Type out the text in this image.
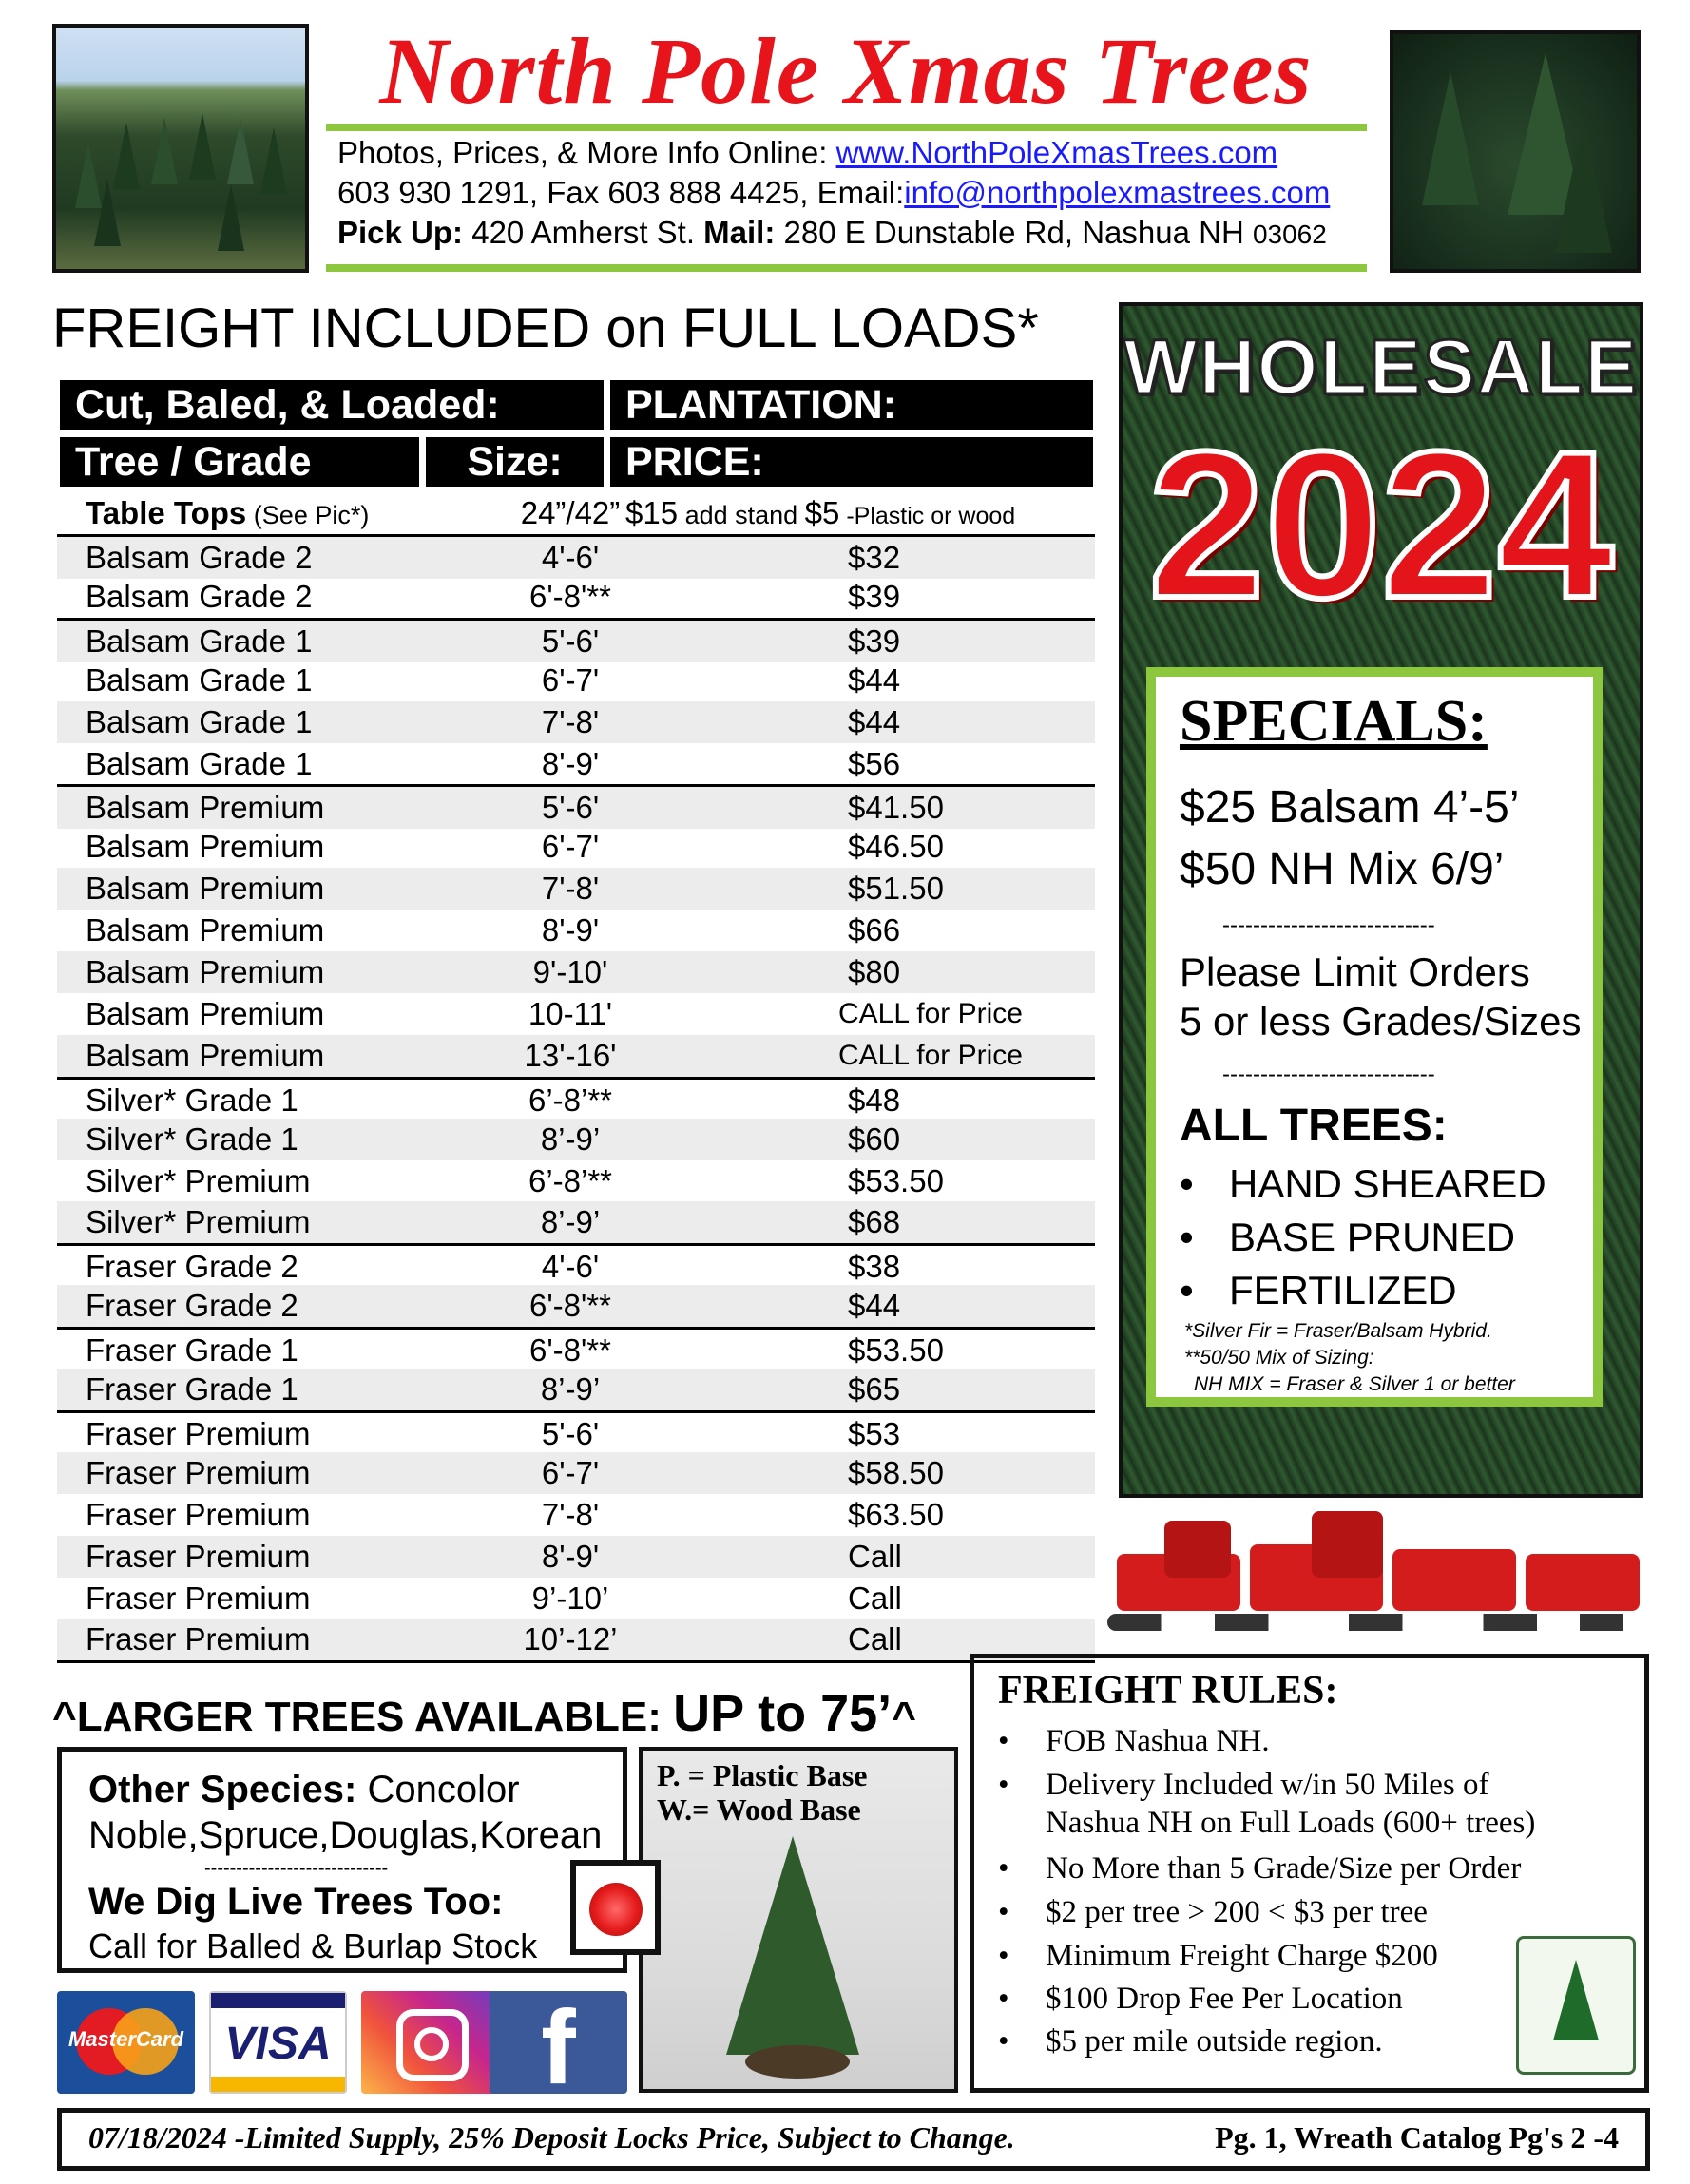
North Pole Xmas Trees
Photos, Prices, & More Info Online: www.NorthPoleXmasTrees.com
603 930 1291, Fax 603 888 4425, Email:info@northpolexmastrees.com
Pick Up: 420 Amherst St. Mail: 280 E Dunstable Rd, Nashua NH 03062
FREIGHT INCLUDED on FULL LOADS*
Cut, Baled, & Loaded:	PLANTATION:
Tree / Grade	Size:	PRICE:
Table Tops (See Pic*)	24”/42” $15 add stand $5 -Plastic or wood
Balsam Grade 2	4'-6'	$32
Balsam Grade 2	6'-8'**	$39
Balsam Grade 1	5'-6'	$39
Balsam Grade 1	6'-7'	$44
Balsam Grade 1	7'-8'	$44
Balsam Grade 1	8'-9'	$56
Balsam Premium	5'-6'	$41.50
Balsam Premium	6'-7'	$46.50
Balsam Premium	7'-8'	$51.50
Balsam Premium	8'-9'	$66
Balsam Premium	9'-10'	$80
Balsam Premium	10-11'	CALL for Price
Balsam Premium	13'-16'	CALL for Price
Silver* Grade 1	6’-8’**	$48
Silver* Grade 1	8’-9’	$60
Silver* Premium	6’-8’**	$53.50
Silver* Premium	8’-9’	$68
Fraser Grade 2	4'-6'	$38
Fraser Grade 2	6'-8'**	$44
Fraser Grade 1	6'-8'**	$53.50
Fraser Grade 1	8’-9’	$65
Fraser Premium	5'-6'	$53
Fraser Premium	6'-7'	$58.50
Fraser Premium	7'-8'	$63.50
Fraser Premium	8'-9'	Call
Fraser Premium	9’-10’	Call
Fraser Premium	10’-12’	Call
WHOLESALE
2024
SPECIALS:
$25 Balsam 4’-5’
$50 NH Mix 6/9’
----------------------------
Please Limit Orders
5 or less Grades/Sizes
----------------------------
ALL TREES:
• HAND SHEARED
• BASE PRUNED
• FERTILIZED
*Silver Fir = Fraser/Balsam Hybrid.
**50/50 Mix of Sizing:
NH MIX = Fraser & Silver 1 or better
^LARGER TREES AVAILABLE: UP to 75’^
Other Species: Concolor
Noble,Spruce,Douglas,Korean
-----------------------------
We Dig Live Trees Too:
Call for Balled & Burlap Stock
P. = Plastic Base
W.= Wood Base
FREIGHT RULES:
• FOB Nashua NH.
• Delivery Included w/in 50 Miles of
Nashua NH on Full Loads (600+ trees)
• No More than 5 Grade/Size per Order
• $2 per tree > 200 < $3 per tree
• Minimum Freight Charge $200
• $100 Drop Fee Per Location
• $5 per mile outside region.
MasterCard VISA	f
07/18/2024 -Limited Supply, 25% Deposit Locks Price, Subject to Change.	Pg. 1, Wreath Catalog Pg's 2 -4
